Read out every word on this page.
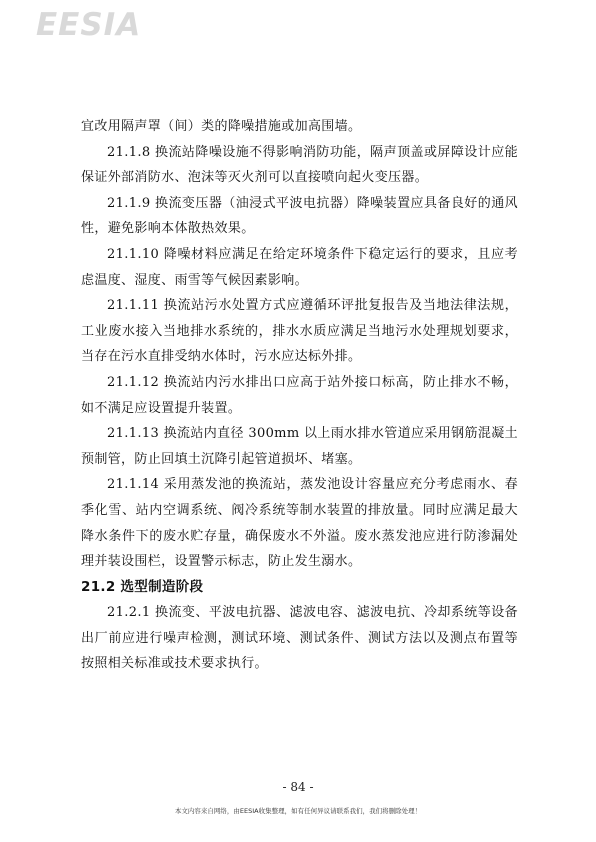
EESIA

宜改用隔声罩（间）类的降噪措施或加高围墙。

21.1.8 换流站降噪设施不得影响消防功能，隔声顶盖或屏障设计应能保证外部消防水、泡沫等灭火剂可以直接喷向起火变压器。

21.1.9 换流变压器（油浸式平波电抗器）降噪装置应具备良好的通风性，避免影响本体散热效果。

21.1.10 降噪材料应满足在给定环境条件下稳定运行的要求，且应考虑温度、湿度、雨雪等气候因素影响。

21.1.11 换流站污水处置方式应遵循环评批复报告及当地法律法规，工业废水接入当地排水系统的，排水水质应满足当地污水处理规划要求，当存在污水直排受纳水体时，污水应达标外排。

21.1.12 换流站内污水排出口应高于站外接口标高，防止排水不畅，如不满足应设置提升装置。

21.1.13 换流站内直径 300mm 以上雨水排水管道应采用钢筋混凝土预制管，防止回填土沉降引起管道损坏、堵塞。

21.1.14 采用蒸发池的换流站，蒸发池设计容量应充分考虑雨水、春季化雪、站内空调系统、阀冷系统等制水装置的排放量。同时应满足最大降水条件下的废水贮存量，确保废水不外溢。废水蒸发池应进行防渗漏处理并装设围栏，设置警示标志，防止发生溺水。

21.2 选型制造阶段

21.2.1 换流变、平波电抗器、滤波电容、滤波电抗、冷却系统等设备出厂前应进行噪声检测，测试环境、测试条件、测试方法以及测点布置等按照相关标准或技术要求执行。

- 84 -
本文内容来自网络，由EESIA收集整理，如有任何异议请联系我们，我们将删除处理！
